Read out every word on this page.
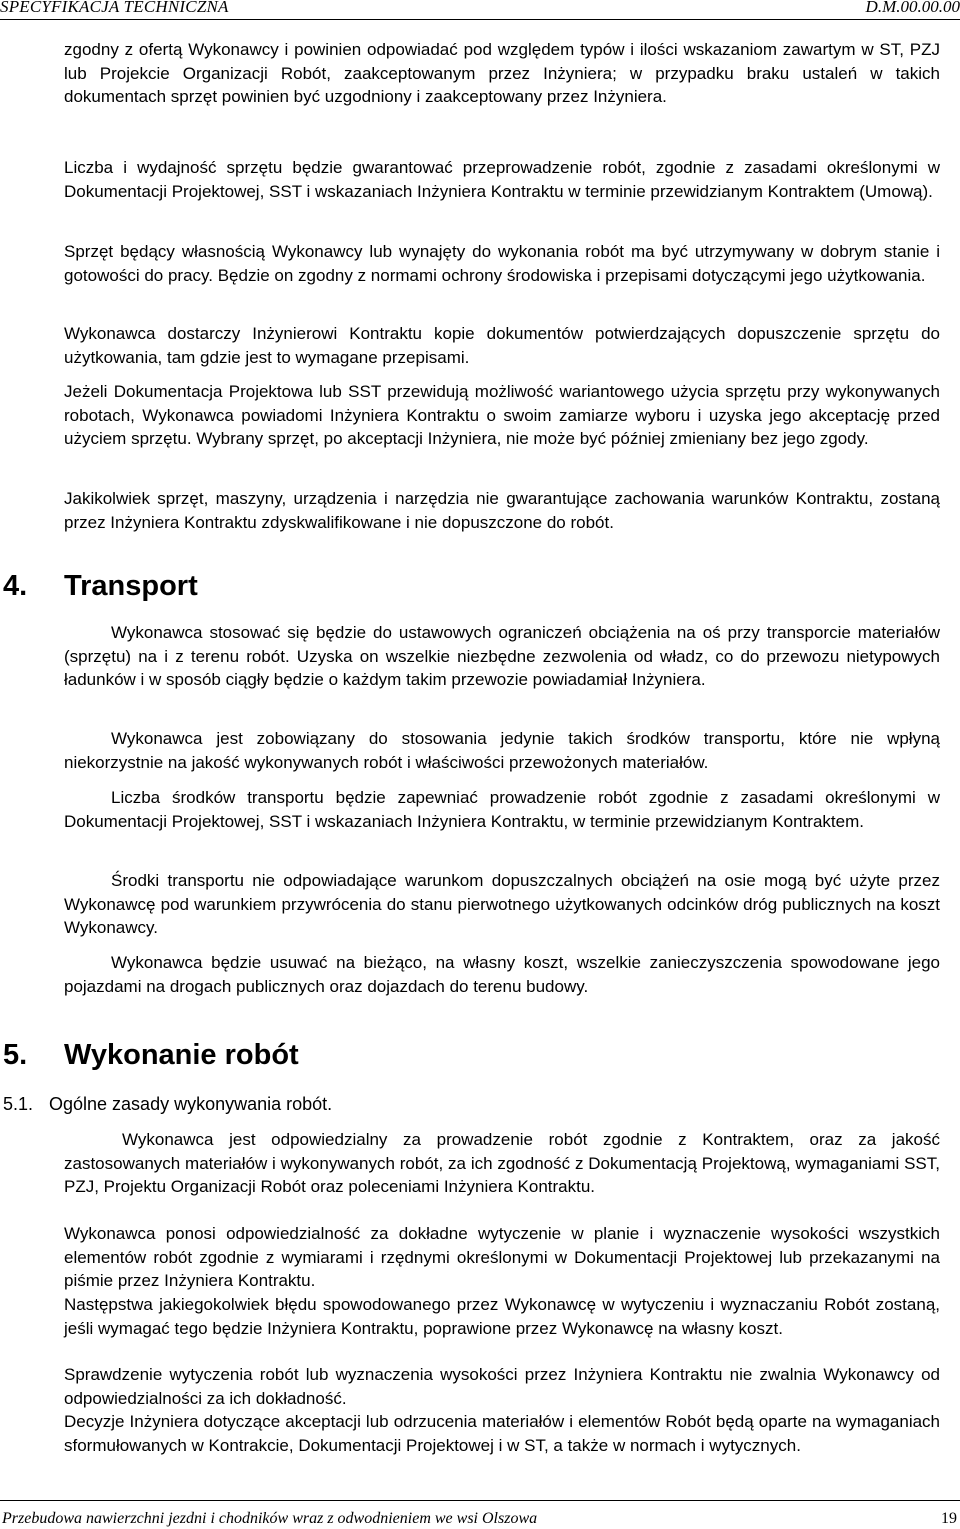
SPECYFIKACJA TECHNICZNA	D.M.00.00.00
zgodny z ofertą Wykonawcy i powinien odpowiadać pod względem typów i ilości wskazaniom zawartym w ST, PZJ lub Projekcie Organizacji Robót, zaakceptowanym przez Inżyniera; w przypadku braku ustaleń w takich dokumentach sprzęt powinien być uzgodniony i zaakceptowany przez Inżyniera.
Liczba i wydajność sprzętu będzie gwarantować przeprowadzenie robót, zgodnie z zasadami określonymi w Dokumentacji Projektowej, SST i wskazaniach Inżyniera Kontraktu w terminie przewidzianym Kontraktem (Umową).
Sprzęt będący własnością Wykonawcy lub wynajęty do wykonania robót ma być utrzymywany w dobrym stanie i gotowości do pracy. Będzie on zgodny z normami ochrony środowiska i przepisami dotyczącymi jego użytkowania.
Wykonawca dostarczy Inżynierowi Kontraktu kopie dokumentów potwierdzających dopuszczenie sprzętu do użytkowania, tam gdzie jest to wymagane przepisami.
Jeżeli Dokumentacja Projektowa lub SST przewidują możliwość wariantowego użycia sprzętu przy wykonywanych robotach, Wykonawca powiadomi Inżyniera Kontraktu o swoim zamiarze wyboru i uzyska jego akceptację przed użyciem sprzętu. Wybrany sprzęt, po akceptacji Inżyniera, nie może być później zmieniany bez jego zgody.
Jakikolwiek sprzęt, maszyny, urządzenia i narzędzia nie gwarantujące zachowania warunków Kontraktu, zostaną przez Inżyniera Kontraktu zdyskwalifikowane i nie dopuszczone do robót.
4. Transport
Wykonawca stosować się będzie do ustawowych ograniczeń obciążenia na oś przy transporcie materiałów (sprzętu) na i z terenu robót. Uzyska on wszelkie niezbędne zezwolenia od władz, co do przewozu nietypowych ładunków i w sposób ciągły będzie o każdym takim przewozie powiadamiał Inżyniera.
Wykonawca jest zobowiązany do stosowania jedynie takich środków transportu, które nie wpłyną niekorzystnie na jakość wykonywanych robót i właściwości przewożonych materiałów.
Liczba środków transportu będzie zapewniać prowadzenie robót zgodnie z zasadami określonymi w Dokumentacji Projektowej, SST i wskazaniach Inżyniera Kontraktu, w terminie przewidzianym Kontraktem.
Środki transportu nie odpowiadające warunkom dopuszczalnych obciążeń na osie mogą być użyte przez Wykonawcę pod warunkiem przywrócenia do stanu pierwotnego użytkowanych odcinków dróg publicznych na koszt Wykonawcy.
Wykonawca będzie usuwać na bieżąco, na własny koszt, wszelkie zanieczyszczenia spowodowane jego pojazdami na drogach publicznych oraz dojazdach do terenu budowy.
5. Wykonanie robót
5.1. Ogólne zasady wykonywania robót.
Wykonawca jest odpowiedzialny za prowadzenie robót zgodnie z Kontraktem, oraz za jakość zastosowanych materiałów i wykonywanych robót, za ich zgodność z Dokumentacją Projektową, wymaganiami SST, PZJ, Projektu Organizacji Robót oraz poleceniami Inżyniera Kontraktu.
Wykonawca ponosi odpowiedzialność za dokładne wytyczenie w planie i wyznaczenie wysokości wszystkich elementów robót zgodnie z wymiarami i rzędnymi określonymi w Dokumentacji Projektowej lub przekazanymi na piśmie przez Inżyniera Kontraktu.
Następstwa jakiegokolwiek błędu spowodowanego przez Wykonawcę w wytyczeniu i wyznaczaniu Robót zostaną, jeśli wymagać tego będzie Inżyniera Kontraktu, poprawione przez Wykonawcę na własny koszt.
Sprawdzenie wytyczenia robót lub wyznaczenia wysokości przez Inżyniera Kontraktu nie zwalnia Wykonawcy od odpowiedzialności za ich dokładność.
Decyzje Inżyniera dotyczące akceptacji lub odrzucenia materiałów i elementów Robót będą oparte na wymaganiach sformułowanych w Kontrakcie, Dokumentacji Projektowej i w ST, a także w normach i wytycznych.
Przebudowa nawierzchni jezdni i chodników wraz z odwodnieniem we wsi Olszowa	19
